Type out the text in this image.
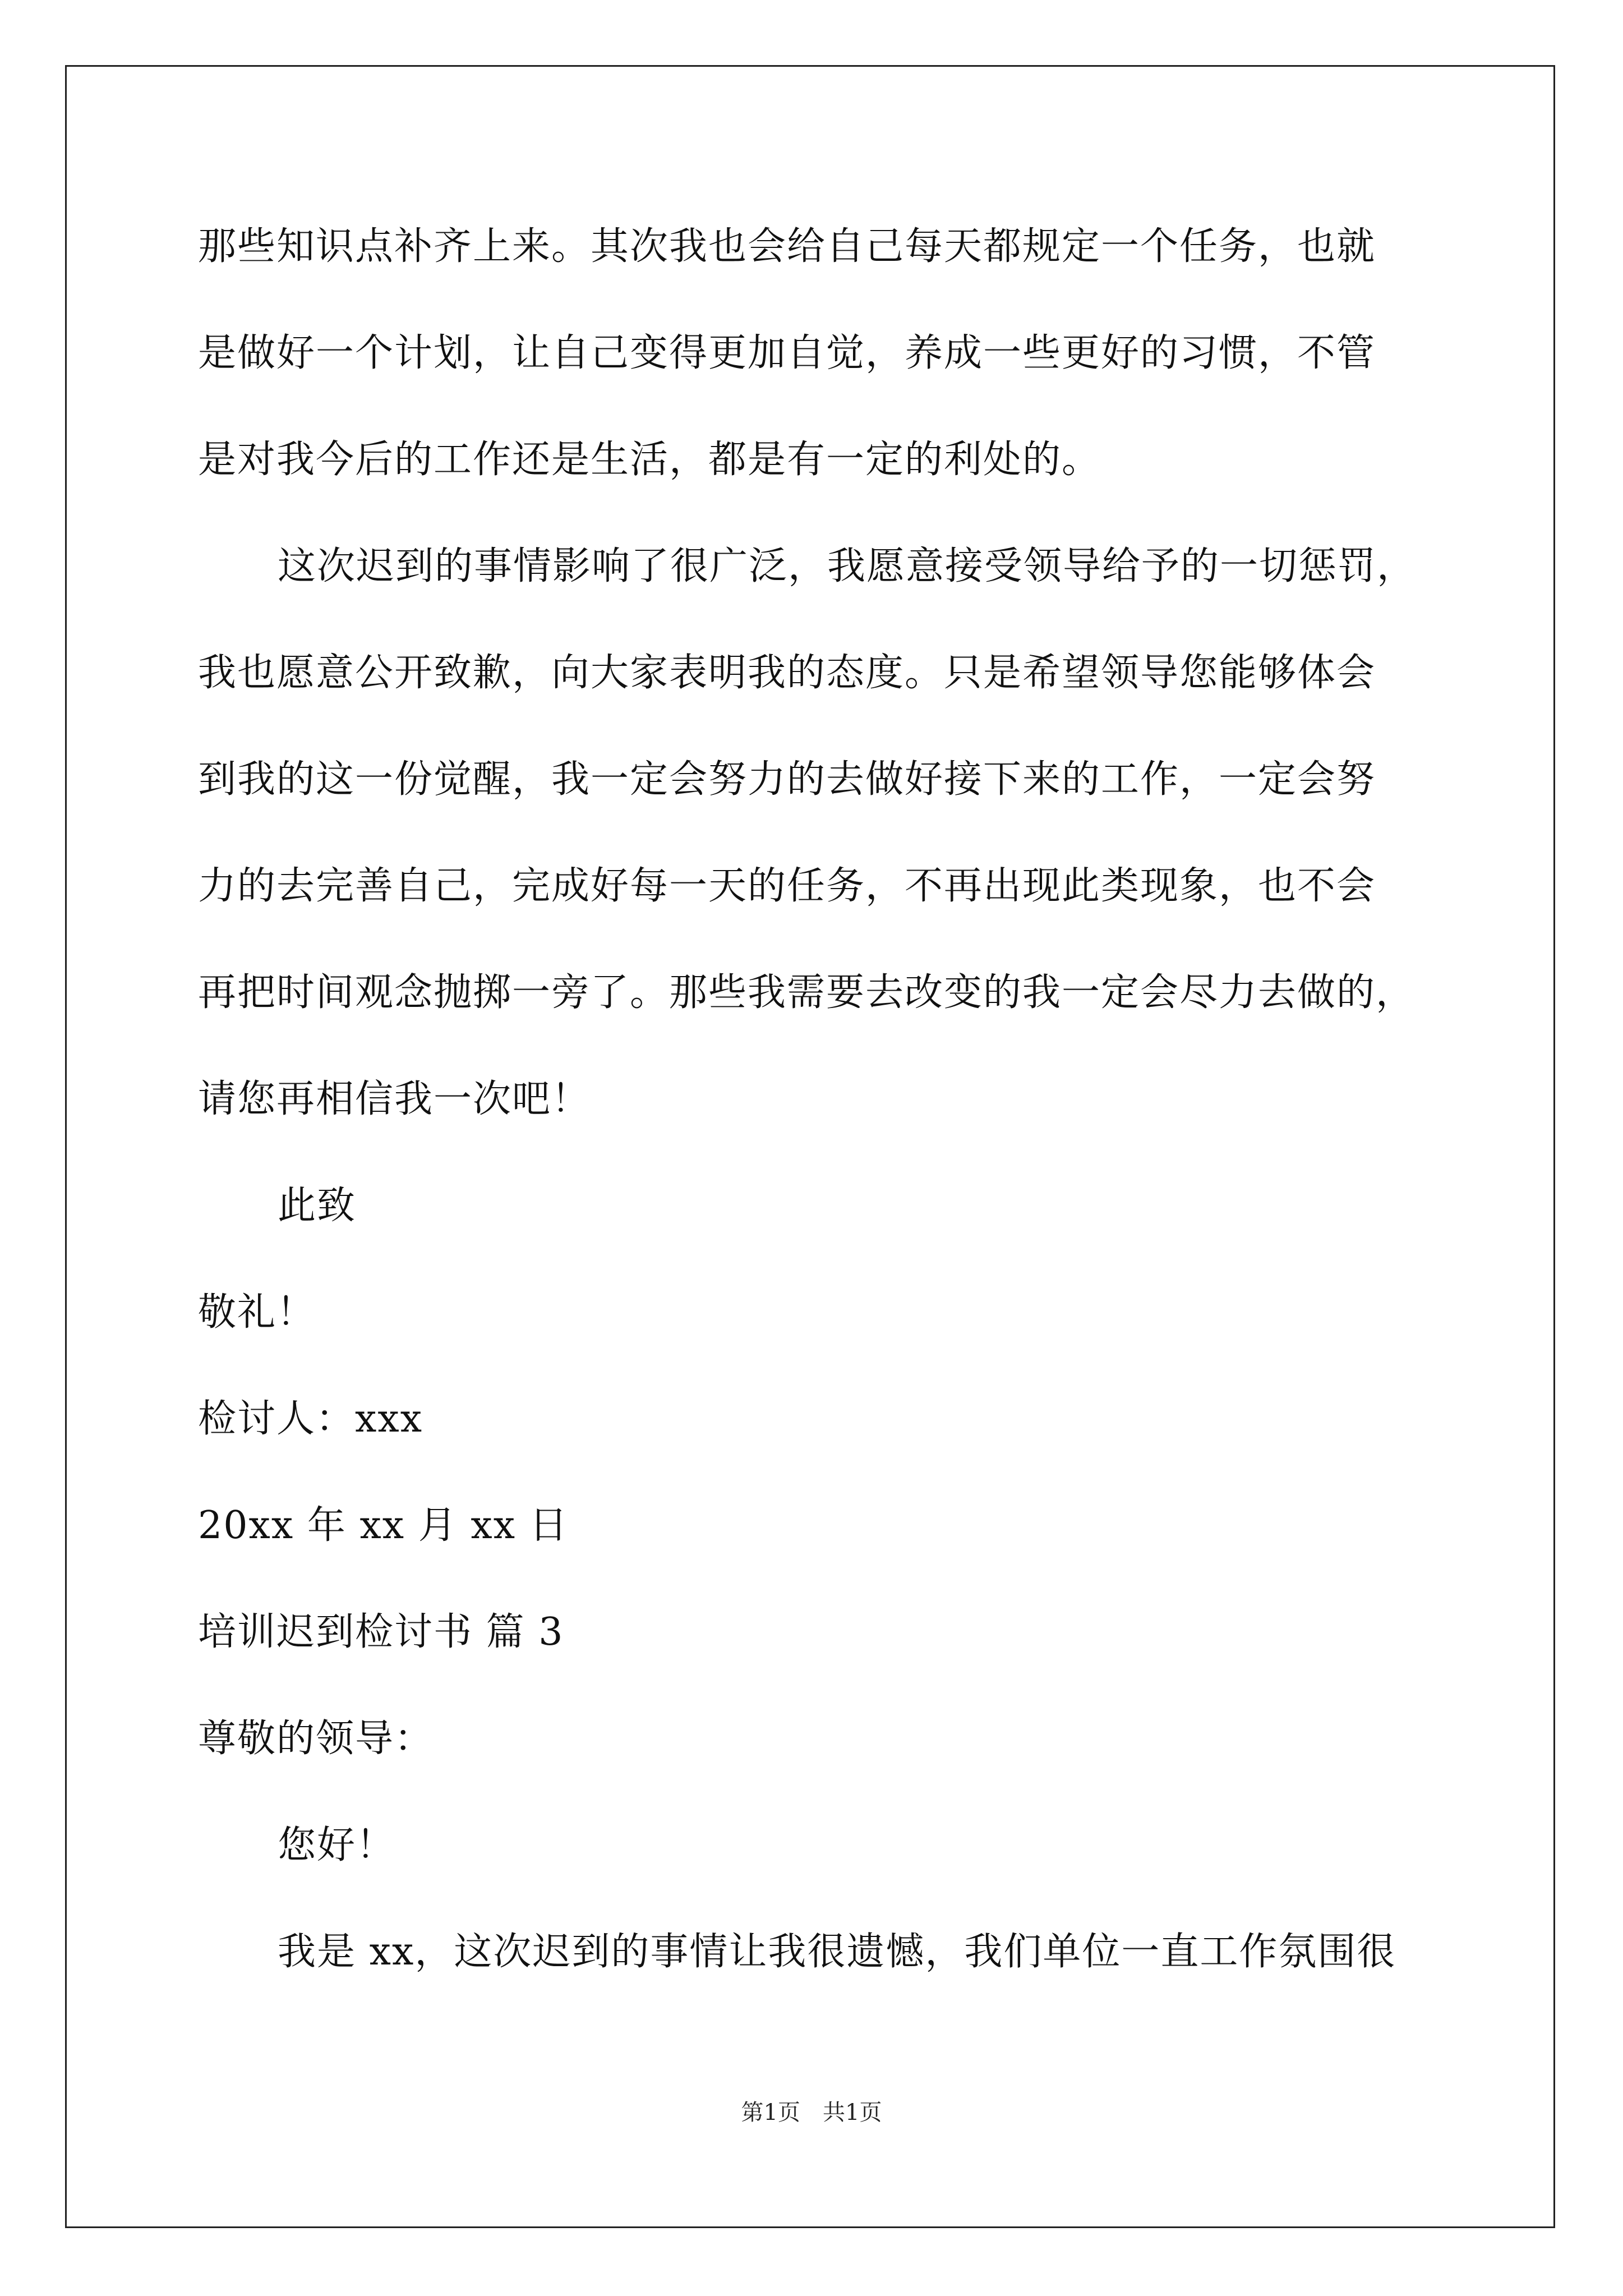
那些知识点补齐上来。其次我也会给自己每天都规定一个任务，也就
是做好一个计划，让自己变得更加自觉，养成一些更好的习惯，不管
是对我今后的工作还是生活，都是有一定的利处的。
这次迟到的事情影响了很广泛，我愿意接受领导给予的一切惩罚，
我也愿意公开致歉，向大家表明我的态度。只是希望领导您能够体会
到我的这一份觉醒，我一定会努力的去做好接下来的工作，一定会努
力的去完善自己，完成好每一天的任务，不再出现此类现象，也不会
再把时间观念抛掷一旁了。那些我需要去改变的我一定会尽力去做的，
请您再相信我一次吧！
此致
敬礼！
检讨人：xxx
20xx 年 xx 月 xx 日
培训迟到检讨书 篇 3
尊敬的领导：
您好！
我是 xx，这次迟到的事情让我很遗憾，我们单位一直工作氛围很
第1页 共1页
